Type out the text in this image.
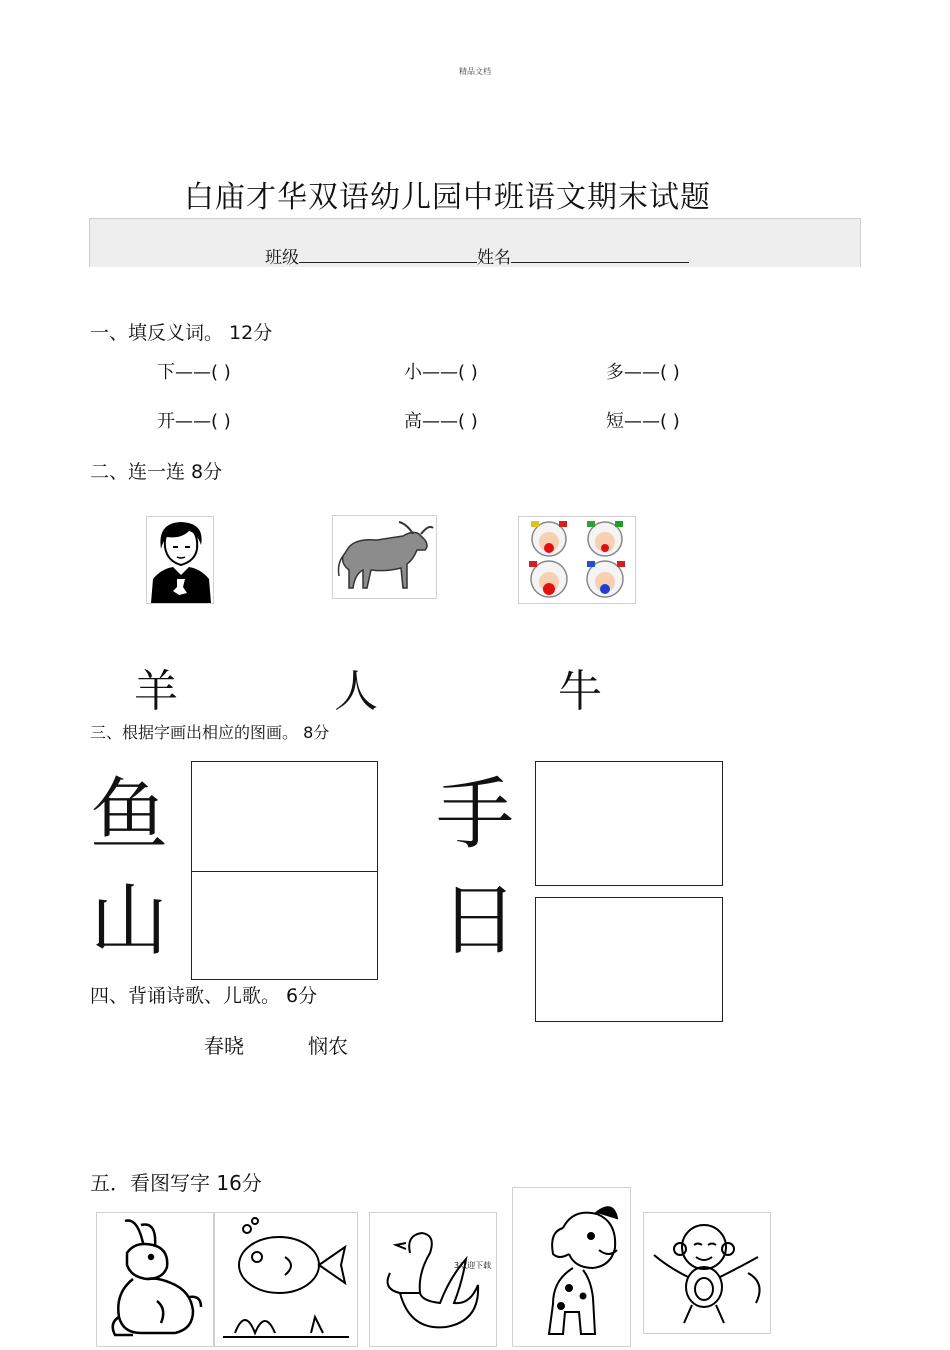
精品文档
白庙才华双语幼儿园中班语文期末试题
班级	姓名
一、填反义词。 12分
下——( )	小——( )	多——( )
开——( )	高——( )	短——( )
二、连一连 8分
羊	人	牛
三、根据字画出相应的图画。 8分
鱼
山
手
日
四、背诵诗歌、儿歌。 6分
春晓	悯农
五．看图写字 16分
3欢迎下载
